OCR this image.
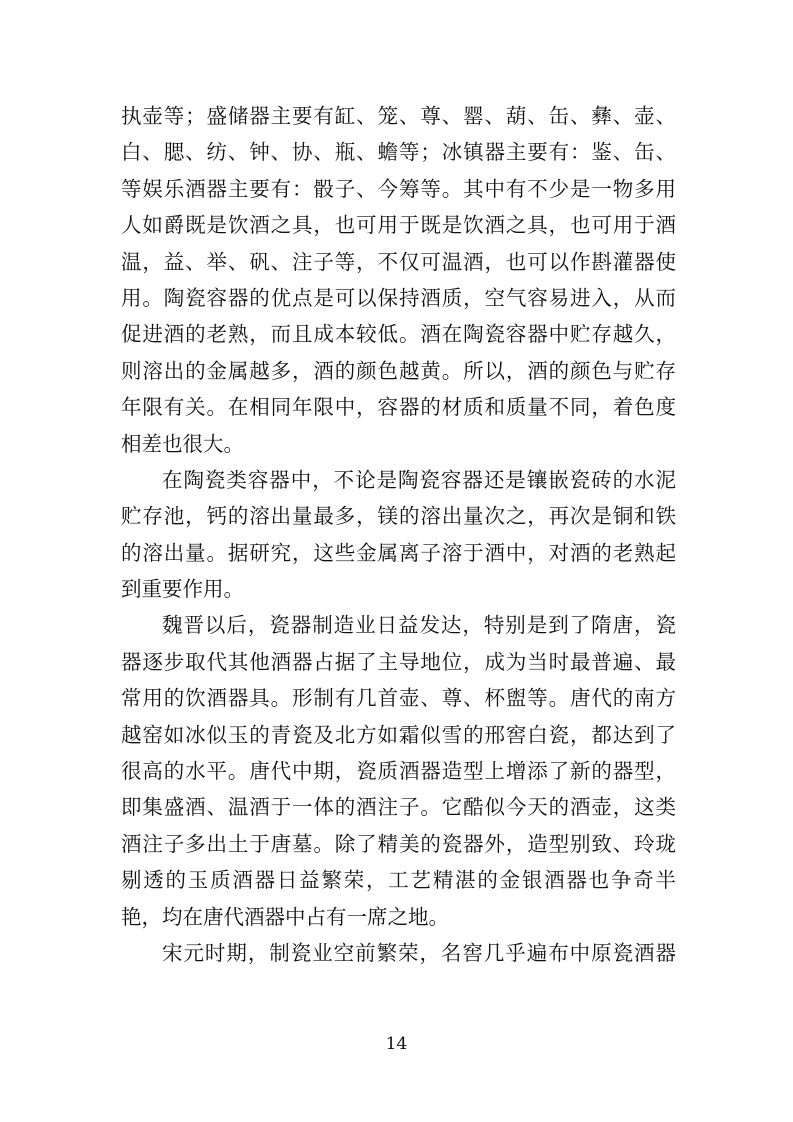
执壶等；盛储器主要有缸、笼、尊、罂、葫、缶、彝、壶、
白、腮、纺、钟、协、瓶、蟾等；冰镇器主要有：鉴、缶、
等娱乐酒器主要有：骰子、今筹等。其中有不少是一物多用
人如爵既是饮酒之具，也可用于既是饮酒之具，也可用于酒
温，益、举、矾、注子等，不仅可温酒，也可以作斟灌器使
用。陶瓷容器的优点是可以保持酒质，空气容易进入，从而
促进酒的老熟，而且成本较低。酒在陶瓷容器中贮存越久，
则溶出的金属越多，酒的颜色越黄。所以，酒的颜色与贮存
年限有关。在相同年限中，容器的材质和质量不同，着色度
相差也很大。
在陶瓷类容器中，不论是陶瓷容器还是镶嵌瓷砖的水泥
贮存池，钙的溶出量最多，镁的溶出量次之，再次是铜和铁
的溶出量。据研究，这些金属离子溶于酒中，对酒的老熟起
到重要作用。
魏晋以后，瓷器制造业日益发达，特别是到了隋唐，瓷
器逐步取代其他酒器占据了主导地位，成为当时最普遍、最
常用的饮酒器具。形制有几首壶、尊、杯盥等。唐代的南方
越窑如冰似玉的青瓷及北方如霜似雪的邢窖白瓷，都达到了
很高的水平。唐代中期，瓷质酒器造型上增添了新的器型，
即集盛酒、温酒于一体的酒注子。它酷似今天的酒壶，这类
酒注子多出土于唐墓。除了精美的瓷器外，造型别致、玲珑
剔透的玉质酒器日益繁荣，工艺精湛的金银酒器也争奇半
艳，均在唐代酒器中占有一席之地。
宋元时期，制瓷业空前繁荣，名窖几乎遍布中原瓷酒器
14
